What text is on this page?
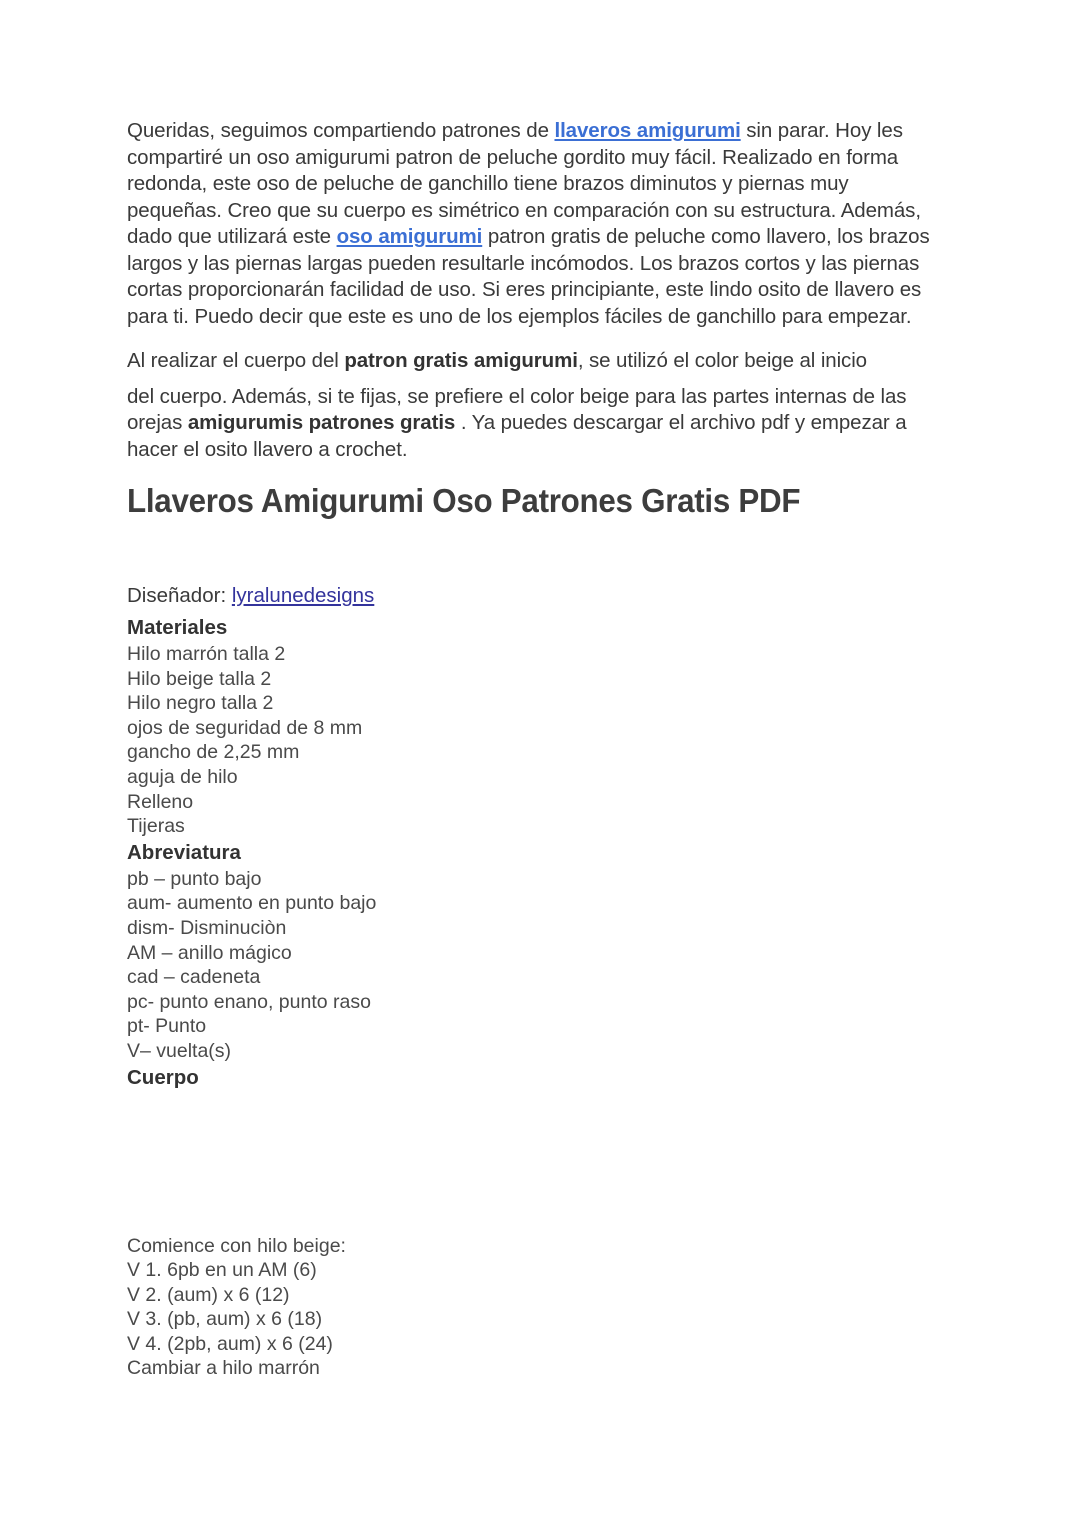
Queridas, seguimos compartiendo patrones de llaveros amigurumi sin parar. Hoy les compartiré un oso amigurumi patron de peluche gordito muy fácil. Realizado en forma redonda, este oso de peluche de ganchillo tiene brazos diminutos y piernas muy pequeñas. Creo que su cuerpo es simétrico en comparación con su estructura. Además, dado que utilizará este oso amigurumi patron gratis de peluche como llavero, los brazos largos y las piernas largas pueden resultarle incómodos. Los brazos cortos y las piernas cortas proporcionarán facilidad de uso. Si eres principiante, este lindo osito de llavero es para ti. Puedo decir que este es uno de los ejemplos fáciles de ganchillo para empezar.

Al realizar el cuerpo del patron gratis amigurumi, se utilizó el color beige al inicio
del cuerpo. Además, si te fijas, se prefiere el color beige para las partes internas de las orejas amigurumis patrones gratis . Ya puedes descargar el archivo pdf y empezar a hacer el osito llavero a crochet.

Llaveros Amigurumi Oso Patrones Gratis PDF

Diseñador: lyralunedesigns

Materiales
Hilo marrón talla 2
Hilo beige talla 2
Hilo negro talla 2
ojos de seguridad de 8 mm
gancho de 2,25 mm
aguja de hilo
Relleno
Tijeras
Abreviatura
pb – punto bajo
aum- aumento en punto bajo
dism- Disminuciòn
AM – anillo mágico
cad – cadeneta
pc- punto enano, punto raso
pt- Punto
V– vuelta(s)
Cuerpo
Comience con hilo beige:
V 1. 6pb en un AM (6)
V 2. (aum) x 6 (12)
V 3. (pb, aum) x 6 (18)
V 4. (2pb, aum) x 6 (24)
Cambiar a hilo marrón
